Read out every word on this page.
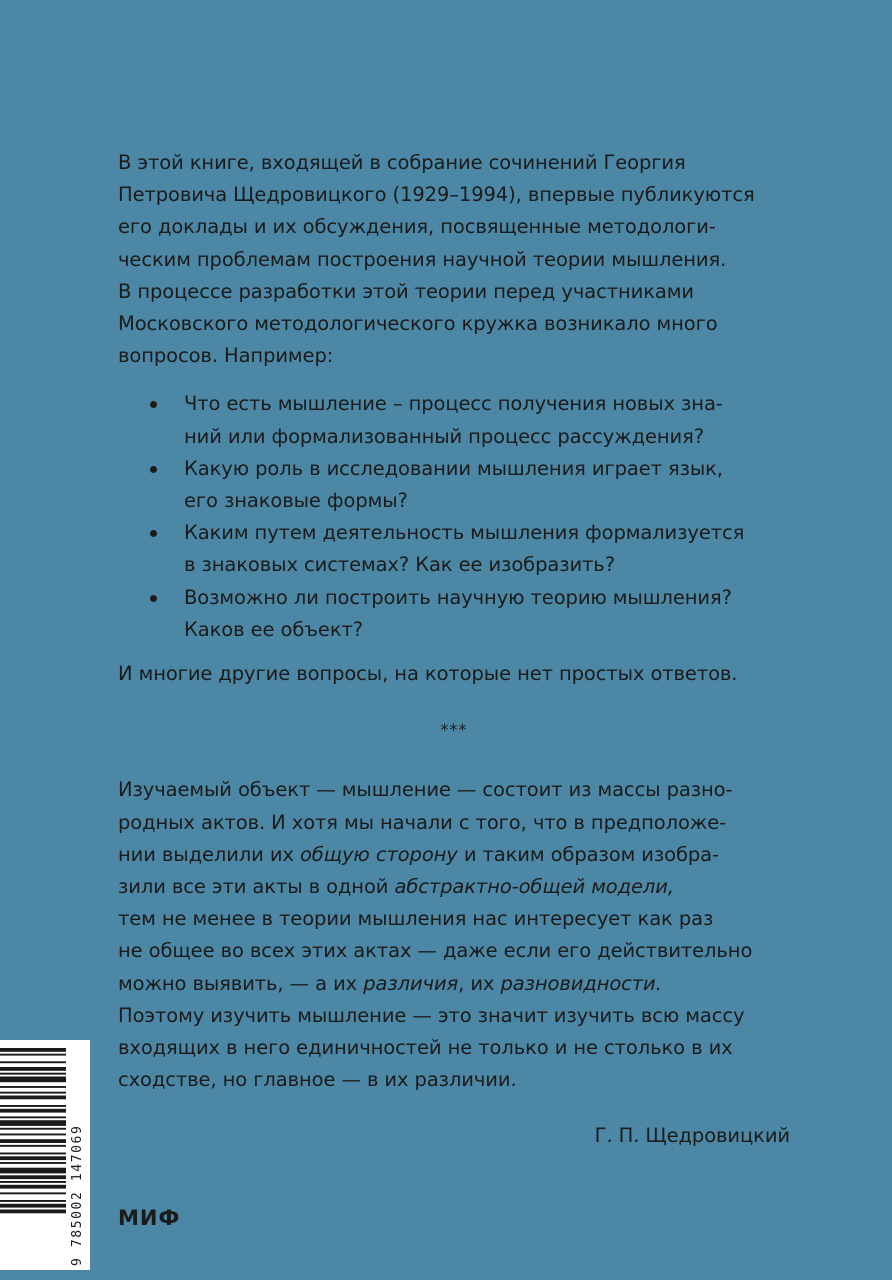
В этой книге, входящей в собрание сочинений Георгия
Петровича Щедровицкого (1929–1994), впервые публикуются
его доклады и их обсуждения, посвященные методологи-
ческим проблемам построения научной теории мышления.
В процессе разработки этой теории перед участниками
Московского методологического кружка возникало много
вопросов. Например:
Что есть мышление – процесс получения новых зна-
ний или формализованный процесс рассуждения?
Какую роль в исследовании мышления играет язык,
его знаковые формы?
Каким путем деятельность мышления формализуется
в знаковых системах? Как ее изобразить?
Возможно ли построить научную теорию мышления?
Каков ее объект?
И многие другие вопросы, на которые нет простых ответов.
***
Изучаемый объект — мышление — состоит из массы разно-
родных актов. И хотя мы начали с того, что в предположе-
нии выделили их общую сторону и таким образом изобра-
зили все эти акты в одной абстрактно-общей модели,
тем не менее в теории мышления нас интересует как раз
не общее во всех этих актах — даже если его действительно
можно выявить, — а их различия, их разновидности.
Поэтому изучить мышление — это значит изучить всю массу
входящих в него единичностей не только и не столько в их
сходстве, но главное — в их различии.
Г. П. Щедровицкий
9 785002 147069 МИФ
